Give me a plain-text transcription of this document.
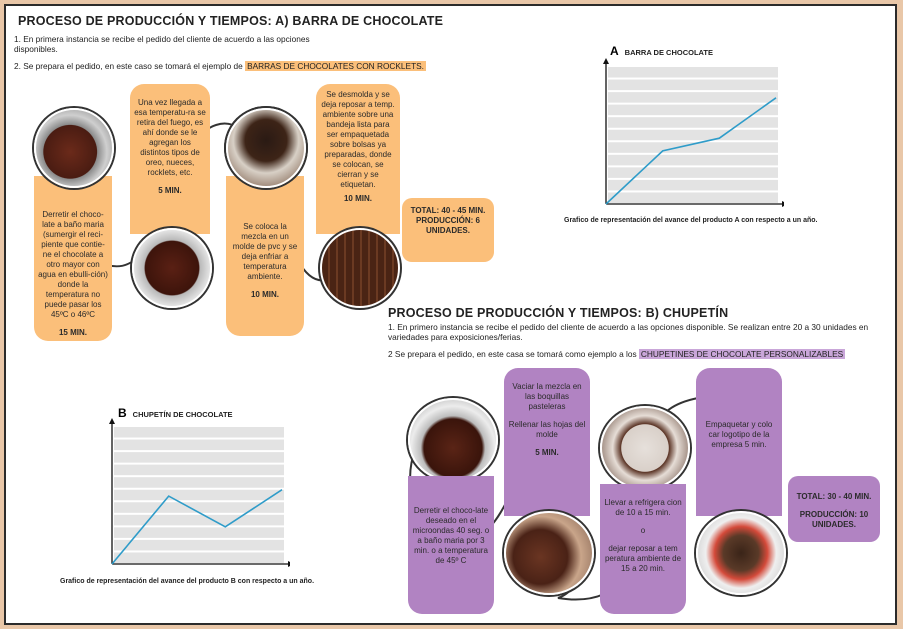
PROCESO DE PRODUCCIÓN Y TIEMPOS: A) BARRA DE CHOCOLATE
1. En primera instancia se recibe el pedido del cliente de acuerdo a las opciones disponibles.
2. Se prepara el pedido, en este caso se tomará el ejemplo de BARRAS DE CHOCOLATES CON ROCKLETS.
Derretir el choco-late a baño maria (sumergir el reci-piente que contie-ne el chocolate a otro mayor con agua en ebulli-ción) donde la temperatura no puede pasar los 45ºC o 46ºC
15 MIN.
Una vez llegada a esa temperatu-ra se retira del fuego, es ahí donde se le agregan los distintos tipos de oreo, nueces, rocklets, etc.
5 MIN.
Se coloca la mezcla en un molde de pvc y se deja enfriar a temperatura ambiente.
10 MIN.
Se desmolda y se deja reposar a temp. ambiente sobre una bandeja lista para ser empaquetada sobre bolsas ya preparadas, donde se colocan, se cierran y se etiquetan.
10 MIN.
TOTAL: 40 - 45 MIN.
PRODUCCIÓN: 6 UNIDADES.
ABARRA DE CHOCOLATE
Grafico de representación del avance del producto A con respecto a un año.
PROCESO DE PRODUCCIÓN Y TIEMPOS: B) CHUPETÍN
1. En primero instancia se recibe el pedido del cliente de acuerdo a las opciones disponible. Se realizan entre 20 a 30 unidades en variedades para exposiciones/ferias.
2 Se prepara el pedido, en este casa se tomará como ejemplo a los CHUPETINES DE CHOCOLATE PERSONALIZABLES
Derretir el choco-late deseado en el microondas 40 seg. o a baño maria por 3 min. o a temperatura de 45º C
Vaciar la mezcla en las boquillas pasteleras
Rellenar las hojas del molde
5 MIN.
Llevar a refrigera cion de 10 a 15 min.
o
dejar reposar a tem peratura ambiente de 15 a 20 min.
Empaquetar y colo car logotipo de la empresa 5 min.
TOTAL: 30 - 40 MIN.
PRODUCCIÓN: 10 UNIDADES.
BCHUPETÍN DE CHOCOLATE
Grafico de representación del avance del producto B con respecto a un año.
